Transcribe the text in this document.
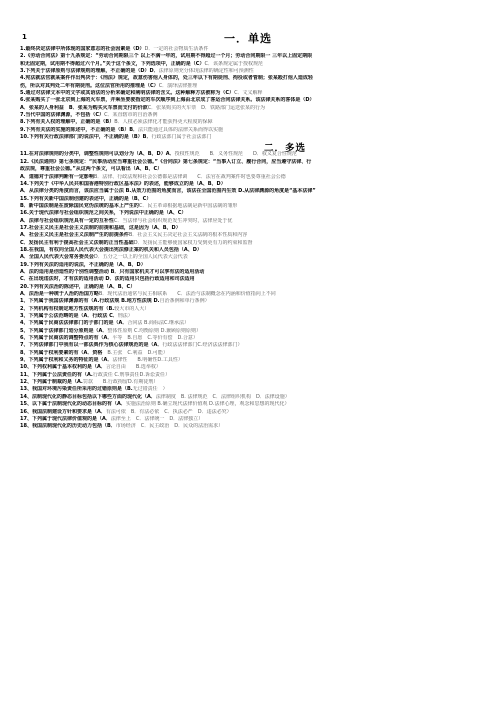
1	一．单选
1.最终决定法律中所体现的国家意志的社会因素是（D）D．一定的社会物质生活条件
2.《劳动合同法》第十九条规定：“劳动合同期限三个 以上不满一年的，试用期不得超过一个月；劳动合同期限一 三年以上固定期限
和无固定期，试用期不得超过六个月。”关于这个条文，下列选项中，正确的是（C）C．该条规定属于授权规范
3.下列关于法律原则与法律规则的理解，不正确的是（D）D．法律原则充分体现法律的确定性和可预测性
4.宪法就法官就某案件作出判决于：《刑法》规定，故意伤害他人身体的，处三年以下有期徒刑、拘役或者管制；张某殴打他人造成轻
伤，所以对其判处二年有期徒刑。这位法官所用的推理是（C）C．演绎法律推理
5.通过对法律文本中的文字或其语法的分析来确定和阐明法律的含义。这种解释方法被称为（C）C．文义解释
6.张某购买了一张北京到上海的火车票，并乘坐要驶指定的车次顺序到上海由北京成了客运合同法律关系。该法律关系的客体是（D）
A．张某的人身利益　B．张某为购买火车票而支付的价款C．张某购买的火车票　D．铁路部门运送张某的行为
7.当代中国的法律渊源，不包括（C）C．某直辖市的自治条例
8.下列有关人权的理解中，正确的是（B）B．人权必须法律化才能获得更大程度的保障
9.下列有关法的实施的陈述中，不正确的是（B）B．法只能通过具体的法律关系而得以实施
10.下列有关行政法律部门的说法中，不正确的是（B）B．行政法部门属于社会法部门
二．多选
11.在对法律规则的分类中，调整性规则可以划分为（A、B、D）A．授权性规范　　B．义务性规范　　D．权义复合性规范
12.《民法通则》第七条规定：“民事活动应当尊重社会公德。”《合同法》第七条规定：“当事人订立、履行合同，应当遵守法律、行
政法规，尊重社会公德。”从这两个条文，可以看出（A、B、C）
A．道德对于法律判断有一定影响B．法律、行政法规和社会公德都是法律调　　C．法官在裁判案件时也要尊重社会公德
14.下列关于《中华人民共和国香港特别行政区基本法》的表述，能够成立的是（A、B、D）
A．从法律分类的角度而言，该法应当属于公法 B.从效力范围的角度而言，该法在全国范围内生效 D.从法律渊源的角度是“基本法律”
15.下列有关新中国法制创建的表述中，正确的是（B、C）
B．新中国法制是在废除国民党伪法统的基本上产生的C．民主革命根据地法制是新中国法制的雏形
16.关于现代法律与社会组织规范之间关系，下列说法中正确的是（A、C）
A．法律与社会组织规范具有一定的互补性C．当法律与社会组织规范发生冲突时，法律应处于优
17.社会主义民主是社会主义法制的前提和基础，这是因为（A、B、D）
A．社会主义民主是社会主义法制产生的前提条件B．社会主义民主决定社会主义法制的根本性质和内容
C．发扬民主有利于提高社会主义法制的正当性基础D．发扬民主能够使国家权力受到更有力的约束和监督
18.在我国，有权向全国人民代表大会提出宪法修正案的机关和人员包括（A、D）
A．全国人民代表大会常务委员会D．五分之一以上的全国人民代表大会代表
19.下列有关法的适用的说法，不正确的是（A、B、D）
A．法的适用是创造性的个别性调整活动 B．只有国家机关才可以享有法的适用活动
C．在出现违法时，才有法的适用活动 D．法的适用只包括行政适用和司法适用
20.下列有关法治的陈述中，正确的是（A、B、C）
A．法治是一种统于人治的治国方略B．现代法治通常与民主相联系　　C．法治与法制概念在内涵和价值指向上不同
1、下列属于我国法律渊源的有（A.行政法规 B.地方性法规 D.自治条例和单行条例）
2、下列机构有权制定地方性法规的有（B.较大市的人大）
3、下列属于公法范畴的是（A．行政法 C．刑法）
4、下列属于民商法法律部门的子部门的是（A．合同法 B.商标法C.继承法）
5、下列属于法律部门划分原则是（A．整体性原则 C.均衡原则 D.兼顾原则原则）
6、下列属于民商法的调整特点的有（A．平等　B.自愿　C.等价有偿　D.合意）
7、下列法律部门中我有以一部法典作为核心法律规范的是（A．行政法法律部门C.经济法法律部门）
8、下列属于权利要素的有（A．资格　B.主张　C.利益　D.可能）
9、下列属于权利和义务的特征的是（A．法律性　　B.明确性D.工具性）
10、下列权利属于基本权利的是（A．言论自由　　B.选举权）
11、下列属于公法责任的有（A.行政责任 C.刑事责任D.诉讼责任）
12、下列属于制裁的是（A.罚款　　B.行政拘留D.有期徒刑）
13、我国对环境污染责任所采用的过错原则是（B.无过错责任　）
14、法制现代化的静态目标包括以下哪些方面的现代化（A．法律制度　B. 法律规范　C．法律组织机构　D．法律设施）
15、以下属于法制现代化的动态目标的有（A．实施法治原则 B.确立现代法律价值观 D.法律心理，观念和思想的现代化）
16、我国法制建设方针和要求是（A．有法可依　B．有法必依　C．执法必严　D．违法必究）
17、下列属于现代法律价值观的是（A．法律至上　C．法律统一　D．法律独立）
18、我国法制现代化的历史动力包括（B．市场经济　C．民主政治　D．民众的法治需求）
